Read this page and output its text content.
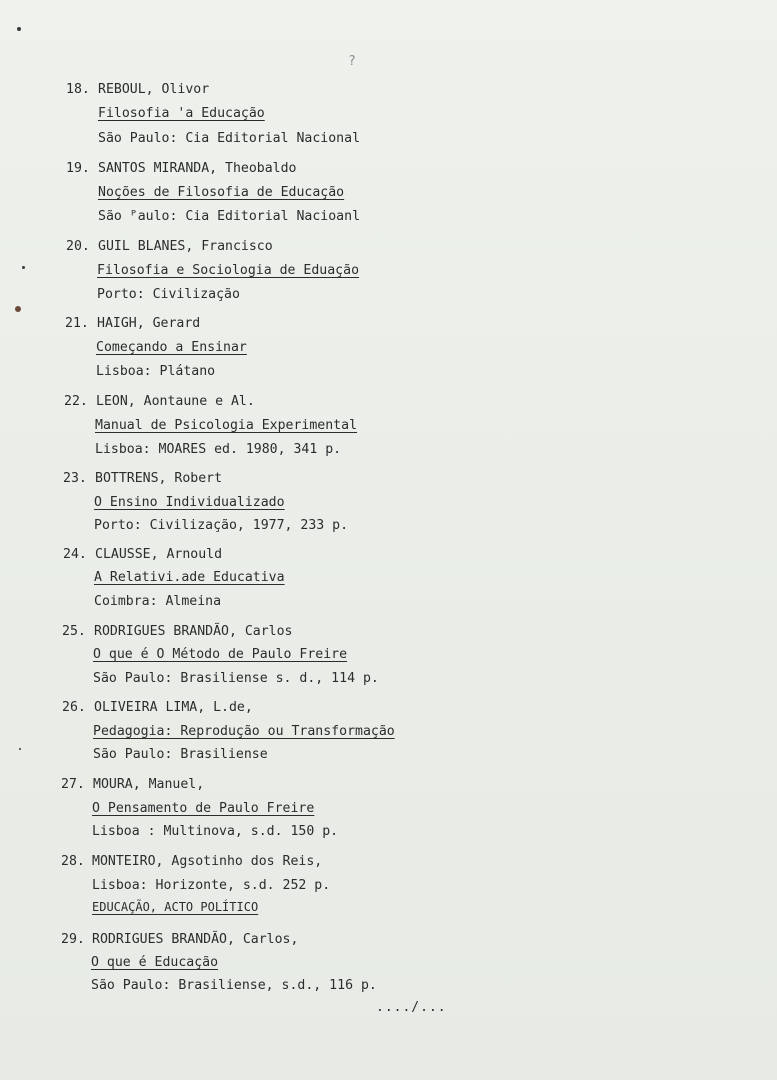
?
18. REBOUL, Olivor
Filosofia 'a Educação
São Paulo: Cia Editorial Nacional
19. SANTOS MIRANDA, Theobaldo
Noções de Filosofia de Educação
São ᴾaulo: Cia Editorial Nacioanl
20. GUIL BLANES, Francisco
Filosofia e Sociologia de Eduação
Porto: Civilização
21. HAIGH, Gerard
Começando a Ensinar
Lisboa: Plátano
22. LEON, Aontaune e Al.
Manual de Psicologia Experimental
Lisboa: MOARES ed. 1980, 341 p.
23. BOTTRENS, Robert
O Ensino Individualizado
Porto: Civilização, 1977, 233 p.
24. CLAUSSE, Arnould
A Relativi.ade Educativa
Coimbra: Almeina
25. RODRIGUES BRANDÃO, Carlos
O que é O Método de Paulo Freire
São Paulo: Brasiliense s. d., 114 p.
26. OLIVEIRA LIMA, L.de,
Pedagogia: Reprodução ou Transformação
São Paulo: Brasiliense
27. MOURA, Manuel,
O Pensamento de Paulo Freire
Lisboa : Multinova, s.d. 150 p.
28. MONTEIRO, Agsotinho dos Reis,
Lisboa: Horizonte, s.d. 252 p.
EDUCAÇÃO, ACTO POLÍTICO
29. RODRIGUES BRANDÃO, Carlos,
O que é Educação
São Paulo: Brasiliense, s.d., 116 p.
..../...
